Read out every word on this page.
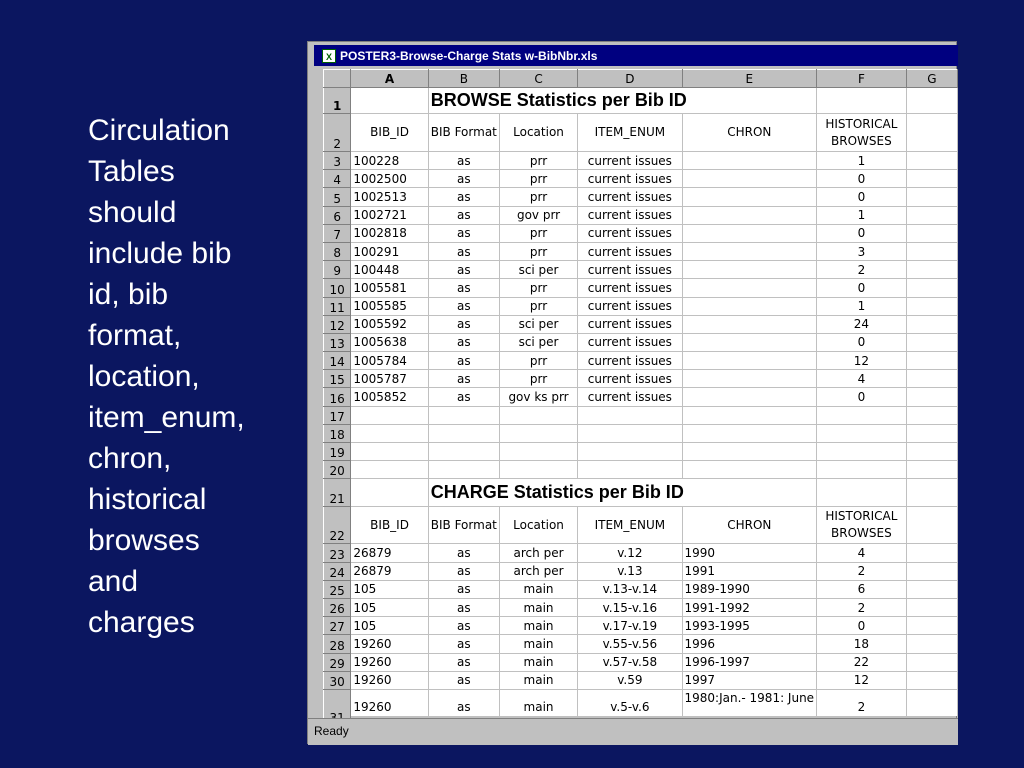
Circulation
Tables
should
include bib
id, bib
format,
location,
item_enum,
chron,
historical
browses
and
charges
X POSTER3-Browse-Charge Stats w-BibNbr.xls
	A	B	C	D	E	F	G
1		BROWSE Statistics per Bib ID					
2	BIB_ID	BIB Format	Location	ITEM_ENUM	CHRON	HISTORICAL
BROWSES	
3	100228	as	prr	current issues		1	
4	1002500	as	prr	current issues		0	
5	1002513	as	prr	current issues		0	
6	1002721	as	gov prr	current issues		1	
7	1002818	as	prr	current issues		0	
8	100291	as	prr	current issues		3	
9	100448	as	sci per	current issues		2	
10	1005581	as	prr	current issues		0	
11	1005585	as	prr	current issues		1	
12	1005592	as	sci per	current issues		24	
13	1005638	as	sci per	current issues		0	
14	1005784	as	prr	current issues		12	
15	1005787	as	prr	current issues		4	
16	1005852	as	gov ks prr	current issues		0	
17							
18							
19							
20							
21		CHARGE Statistics per Bib ID					
22	BIB_ID	BIB Format	Location	ITEM_ENUM	CHRON	HISTORICAL
BROWSES	
23	26879	as	arch per	v.12	1990	4	
24	26879	as	arch per	v.13	1991	2	
25	105	as	main	v.13-v.14	1989-1990	6	
26	105	as	main	v.15-v.16	1991-1992	2	
27	105	as	main	v.17-v.19	1993-1995	0	
28	19260	as	main	v.55-v.56	1996	18	
29	19260	as	main	v.57-v.58	1996-1997	22	
30	19260	as	main	v.59	1997	12	
	19260	as	main	v.5-v.6	1980:Jan.- 1981: June	2	
Ready
